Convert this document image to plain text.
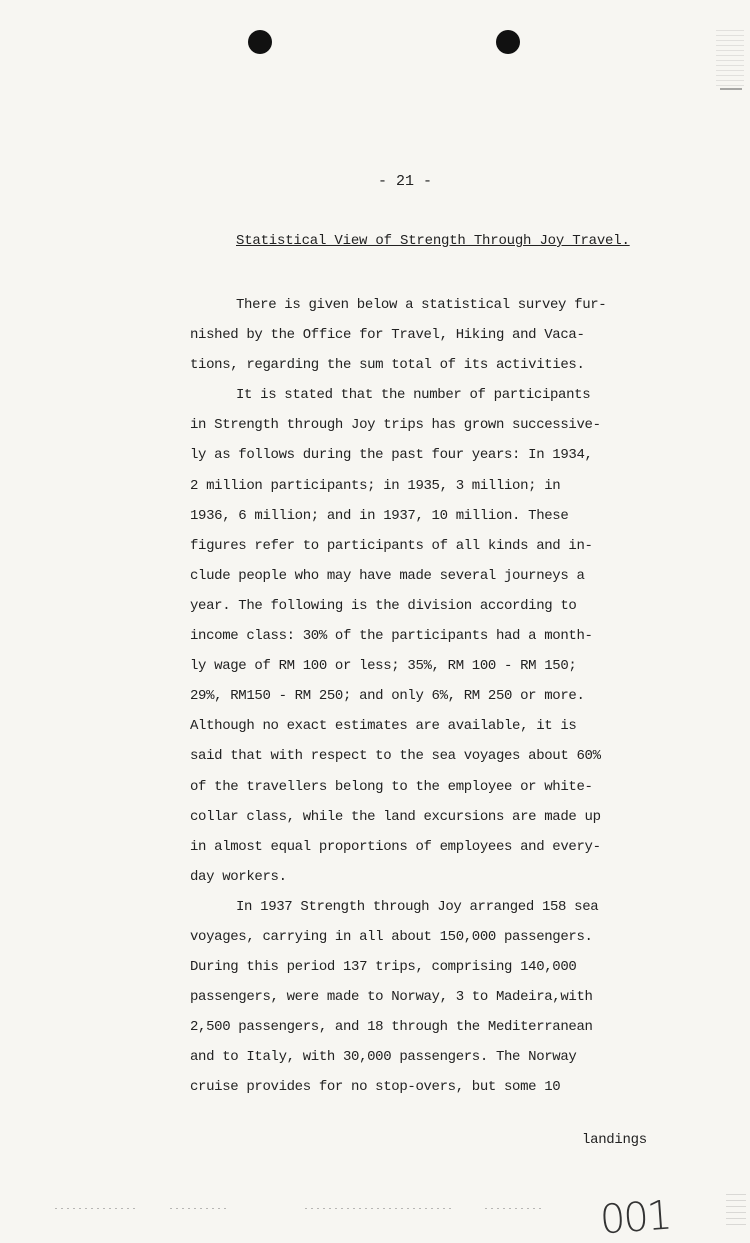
- 21 -
Statistical View of Strength Through Joy Travel.
There is given below a statistical survey fur-
nished by the Office for Travel, Hiking and Vaca-
tions, regarding the sum total of its activities.
It is stated that the number of participants
in Strength through Joy trips has grown successive-
ly as follows during the past four years: In 1934,
2 million participants; in 1935, 3 million; in
1936, 6 million; and in 1937, 10 million. These
figures refer to participants of all kinds and in-
clude people who may have made several journeys a
year. The following is the division according to
income class: 30% of the participants had a month-
ly wage of RM 100 or less; 35%, RM 100 - RM 150;
29%, RM150 - RM 250; and only 6%, RM 250 or more.
Although no exact estimates are available, it is
said that with respect to the sea voyages about 60%
of the travellers belong to the employee or white-
collar class, while the land excursions are made up
in almost equal proportions of employees and every-
day workers.
In 1937 Strength through Joy arranged 158 sea
voyages, carrying in all about 150,000 passengers.
During this period 137 trips, comprising 140,000
passengers, were made to Norway, 3 to Madeira,with
2,500 passengers, and 18 through the Mediterranean
and to Italy, with 30,000 passengers. The Norway
cruise provides for no stop-overs, but some 10
landings
001
